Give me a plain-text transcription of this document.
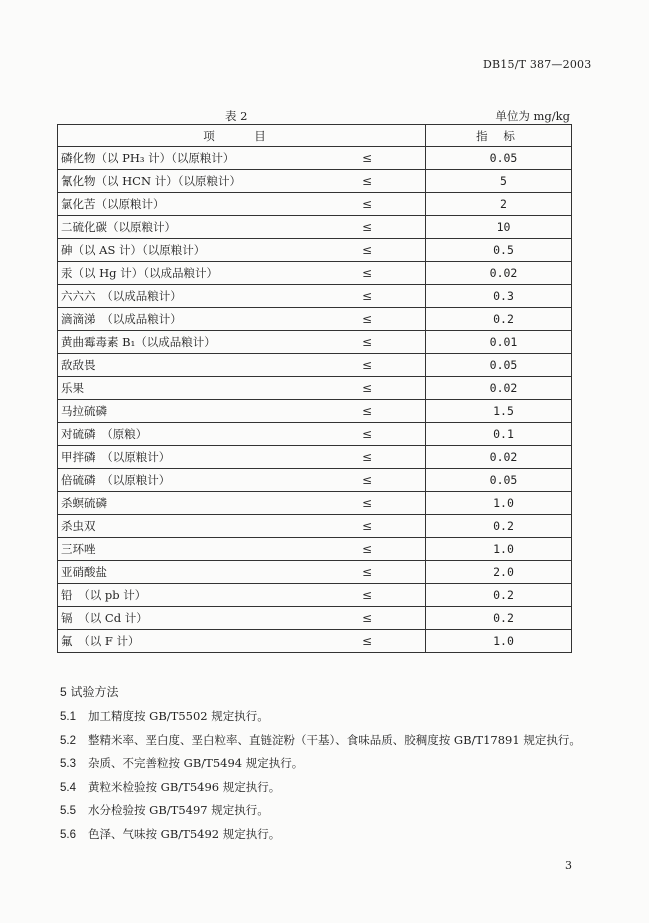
DB15/T 387—2003
表 2	单位为 mg/kg
项　目	指 标
磷化物（以 PH₃ 计）（以原粮计） ≤	0.05
氰化物（以 HCN 计）（以原粮计） ≤	5
氯化苦（以原粮计） ≤	2
二硫化碳（以原粮计） ≤	10
砷（以 AS 计）（以原粮计） ≤	0.5
汞（以 Hg 计）（以成品粮计） ≤	0.02
六六六　（以成品粮计） ≤	0.3
滴滴涕　（以成品粮计） ≤	0.2
黄曲霉毒素 B₁（以成品粮计） ≤	0.01
敌敌畏 ≤	0.05
乐果 ≤	0.02
马拉硫磷 ≤	1.5
对硫磷　（原粮） ≤	0.1
甲拌磷　（以原粮计） ≤	0.02
倍硫磷　（以原粮计） ≤	0.05
杀螟硫磷 ≤	1.0
杀虫双 ≤	0.2
三环唑 ≤	1.0
亚硝酸盐 ≤	2.0
铅　（以 pb 计） ≤	0.2
镉　（以 Cd 计） ≤	0.2
氟　（以 F 计） ≤	1.0
5 试验方法
5.1 加工精度按 GB/T5502 规定执行。
5.2 整精米率、垩白度、垩白粒率、直链淀粉（干基）、食味品质、胶稠度按 GB/T17891 规定执行。
5.3 杂质、不完善粒按 GB/T5494 规定执行。
5.4 黄粒米检验按 GB/T5496 规定执行。
5.5 水分检验按 GB/T5497 规定执行。
5.6 色泽、气味按 GB/T5492 规定执行。
3
